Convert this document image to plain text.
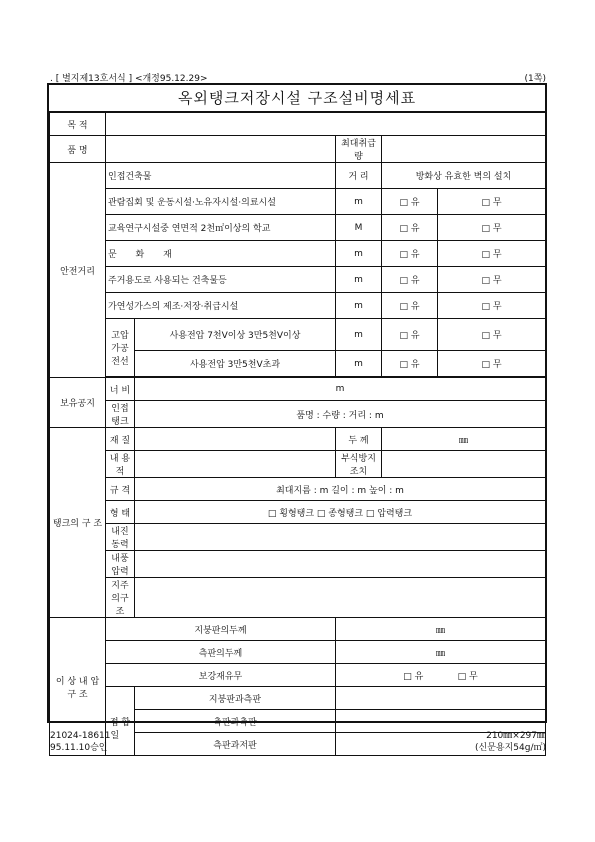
. [ 별지제13호서식 ] <개정95.12.29>	(1쪽)
옥외탱크저장시설 구조설비명세표
목 적					
품 명			최대취급량		
안전거리	인접건축물		거 리	방화상 유효한 벽의 설치	
	관람집회 및 운동시설·노유자시설·의료시설		m	□ 유	□ 무
	교육연구시설중 연면적 2천㎡이상의 학교		M	□ 유	□ 무
	문 화 재		m	□ 유	□ 무
	주거용도로 사용되는 건축물등		m	□ 유	□ 무
	가연성가스의 제조·저장·취급시설		m	□ 유	□ 무
	고압 가공 전선	사용전압 7천V이상 3만5천V이상	m	□ 유	□ 무
		사용전압 3만5천V초과	m	□ 유	□ 무

보유공지	너 비	m			
	인접탱크	품명 : 수량 : 거리 : m			
탱크의 구 조	재 질		두 께	㎜	
	내 용 적		부식방지조치		
	규 격	최대지름 : m 길이 : m 높이 : m			
	형 태	□ 횡형탱크 □ 종형탱크 □ 압력탱크			
	내진동력				
	내풍압력				
	지주의구조				
이 상 내 압 구 조	지붕판의두께		㎜		
	측판의두께		㎜		
	보강재유무		□ 유 □ 무		
	접 합	지붕판과측판			
		측판과측판			
		측판과저판			
21024-18611일
95.11.10승인
210㎜×297㎜
(신문용지54g/㎡)
